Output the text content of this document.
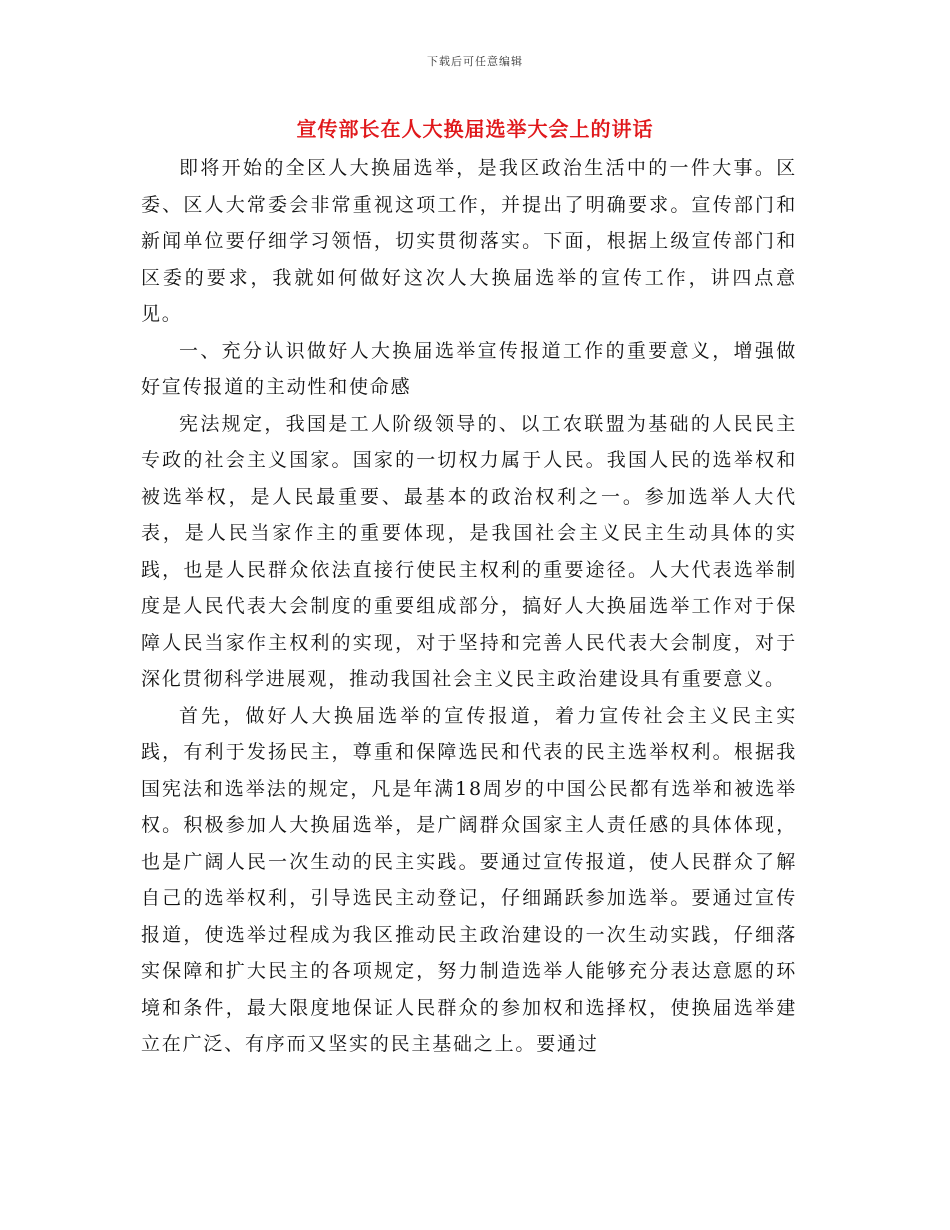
下载后可任意编辑
宣传部长在人大换届选举大会上的讲话

即将开始的全区人大换届选举，是我区政治生活中的一件大事。区委、区人大常委会非常重视这项工作，并提出了明确要求。宣传部门和新闻单位要仔细学习领悟，切实贯彻落实。下面，根据上级宣传部门和区委的要求，我就如何做好这次人大换届选举的宣传工作，讲四点意见。

一、充分认识做好人大换届选举宣传报道工作的重要意义，增强做好宣传报道的主动性和使命感

宪法规定，我国是工人阶级领导的、以工农联盟为基础的人民民主专政的社会主义国家。国家的一切权力属于人民。我国人民的选举权和被选举权，是人民最重要、最基本的政治权利之一。参加选举人大代表，是人民当家作主的重要体现，是我国社会主义民主生动具体的实践，也是人民群众依法直接行使民主权利的重要途径。人大代表选举制度是人民代表大会制度的重要组成部分，搞好人大换届选举工作对于保障人民当家作主权利的实现，对于坚持和完善人民代表大会制度，对于深化贯彻科学进展观，推动我国社会主义民主政治建设具有重要意义。

首先，做好人大换届选举的宣传报道，着力宣传社会主义民主实践，有利于发扬民主，尊重和保障选民和代表的民主选举权利。根据我国宪法和选举法的规定，凡是年满18周岁的中国公民都有选举和被选举权。积极参加人大换届选举，是广阔群众国家主人责任感的具体体现，也是广阔人民一次生动的民主实践。要通过宣传报道，使人民群众了解自己的选举权利，引导选民主动登记，仔细踊跃参加选举。要通过宣传报道，使选举过程成为我区推动民主政治建设的一次生动实践，仔细落实保障和扩大民主的各项规定，努力制造选举人能够充分表达意愿的环境和条件，最大限度地保证人民群众的参加权和选择权，使换届选举建立在广泛、有序而又坚实的民主基础之上。要通过
